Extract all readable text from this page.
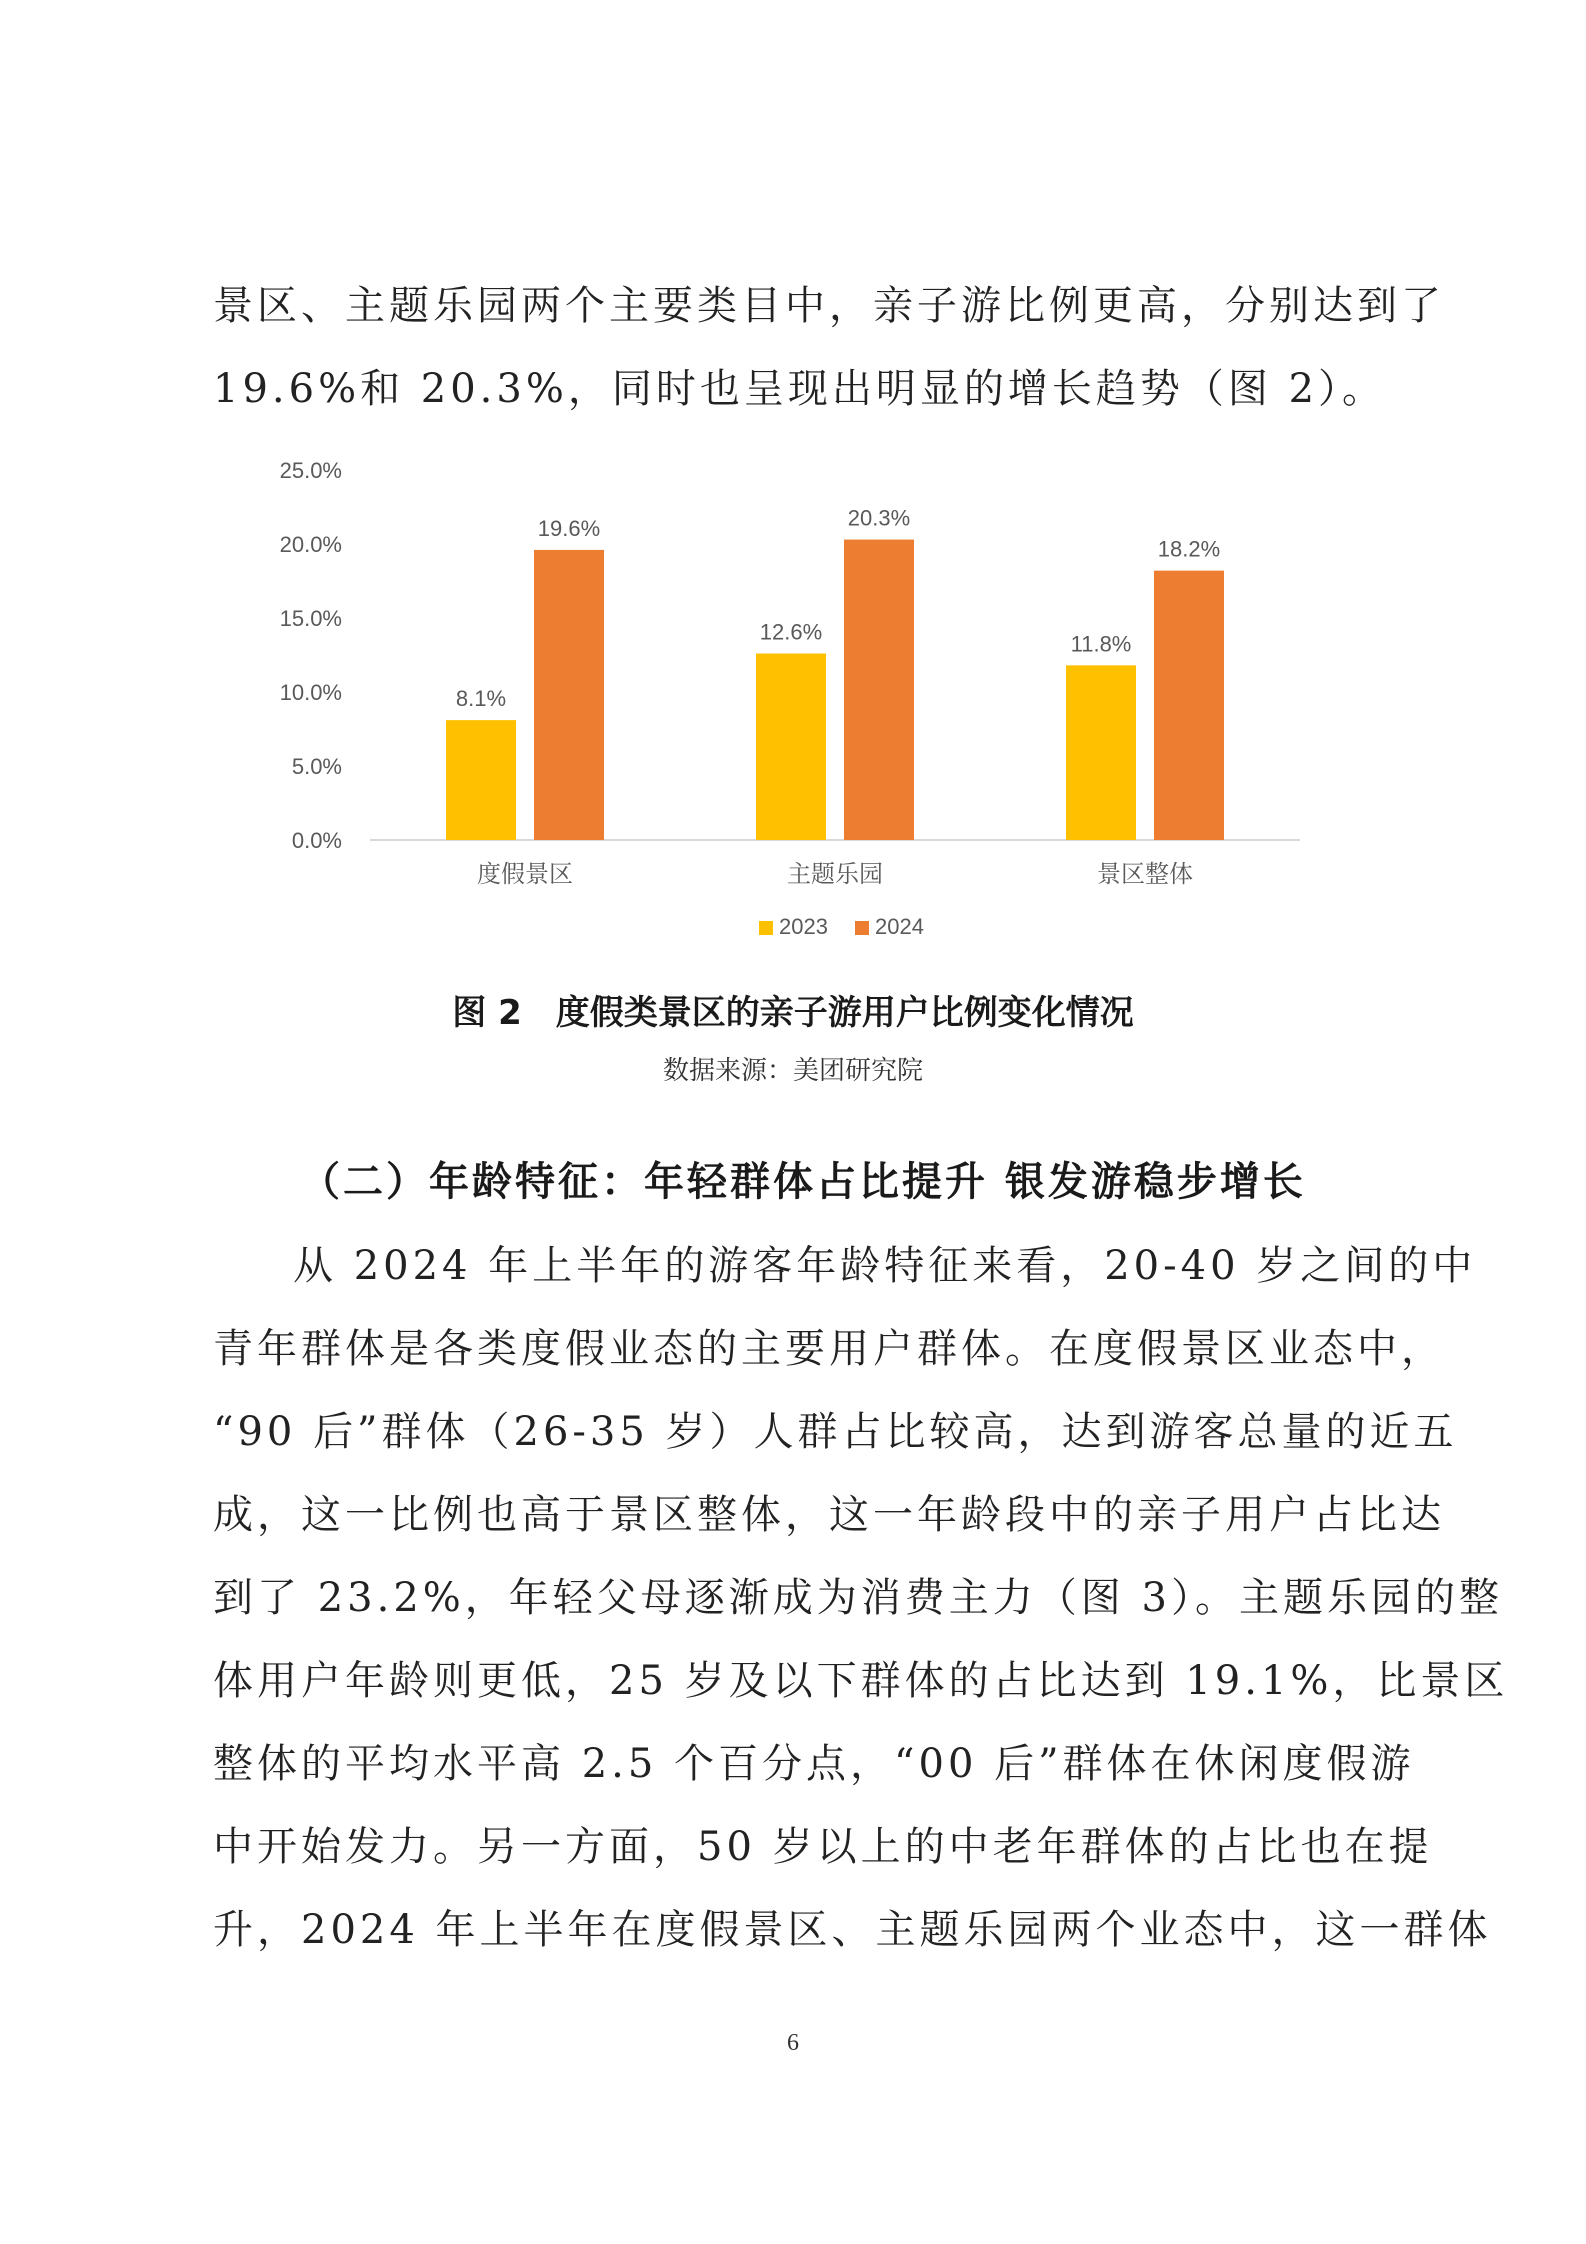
景区、主题乐园两个主要类目中，亲子游比例更高，分别达到了
19.6%和 20.3%，同时也呈现出明显的增长趋势（图 2）。

0.0%
5.0%
10.0%
15.0%
20.0%
25.0%
8.1%
19.6%
度假景区
12.6%
20.3%
主题乐园
11.8%
18.2%
景区整体
2023 2024
图 2　度假类景区的亲子游用户比例变化情况
数据来源：美团研究院
（二）年龄特征：年轻群体占比提升 银发游稳步增长

从 2024 年上半年的游客年龄特征来看，20-40 岁之间的中
青年群体是各类度假业态的主要用户群体。在度假景区业态中，
“90 后”群体（26-35 岁）人群占比较高，达到游客总量的近五
成，这一比例也高于景区整体，这一年龄段中的亲子用户占比达
到了 23.2%，年轻父母逐渐成为消费主力（图 3）。主题乐园的整
体用户年龄则更低，25 岁及以下群体的占比达到 19.1%，比景区
整体的平均水平高 2.5 个百分点，“00 后”群体在休闲度假游
中开始发力。另一方面，50 岁以上的中老年群体的占比也在提
升，2024 年上半年在度假景区、主题乐园两个业态中，这一群体

6
